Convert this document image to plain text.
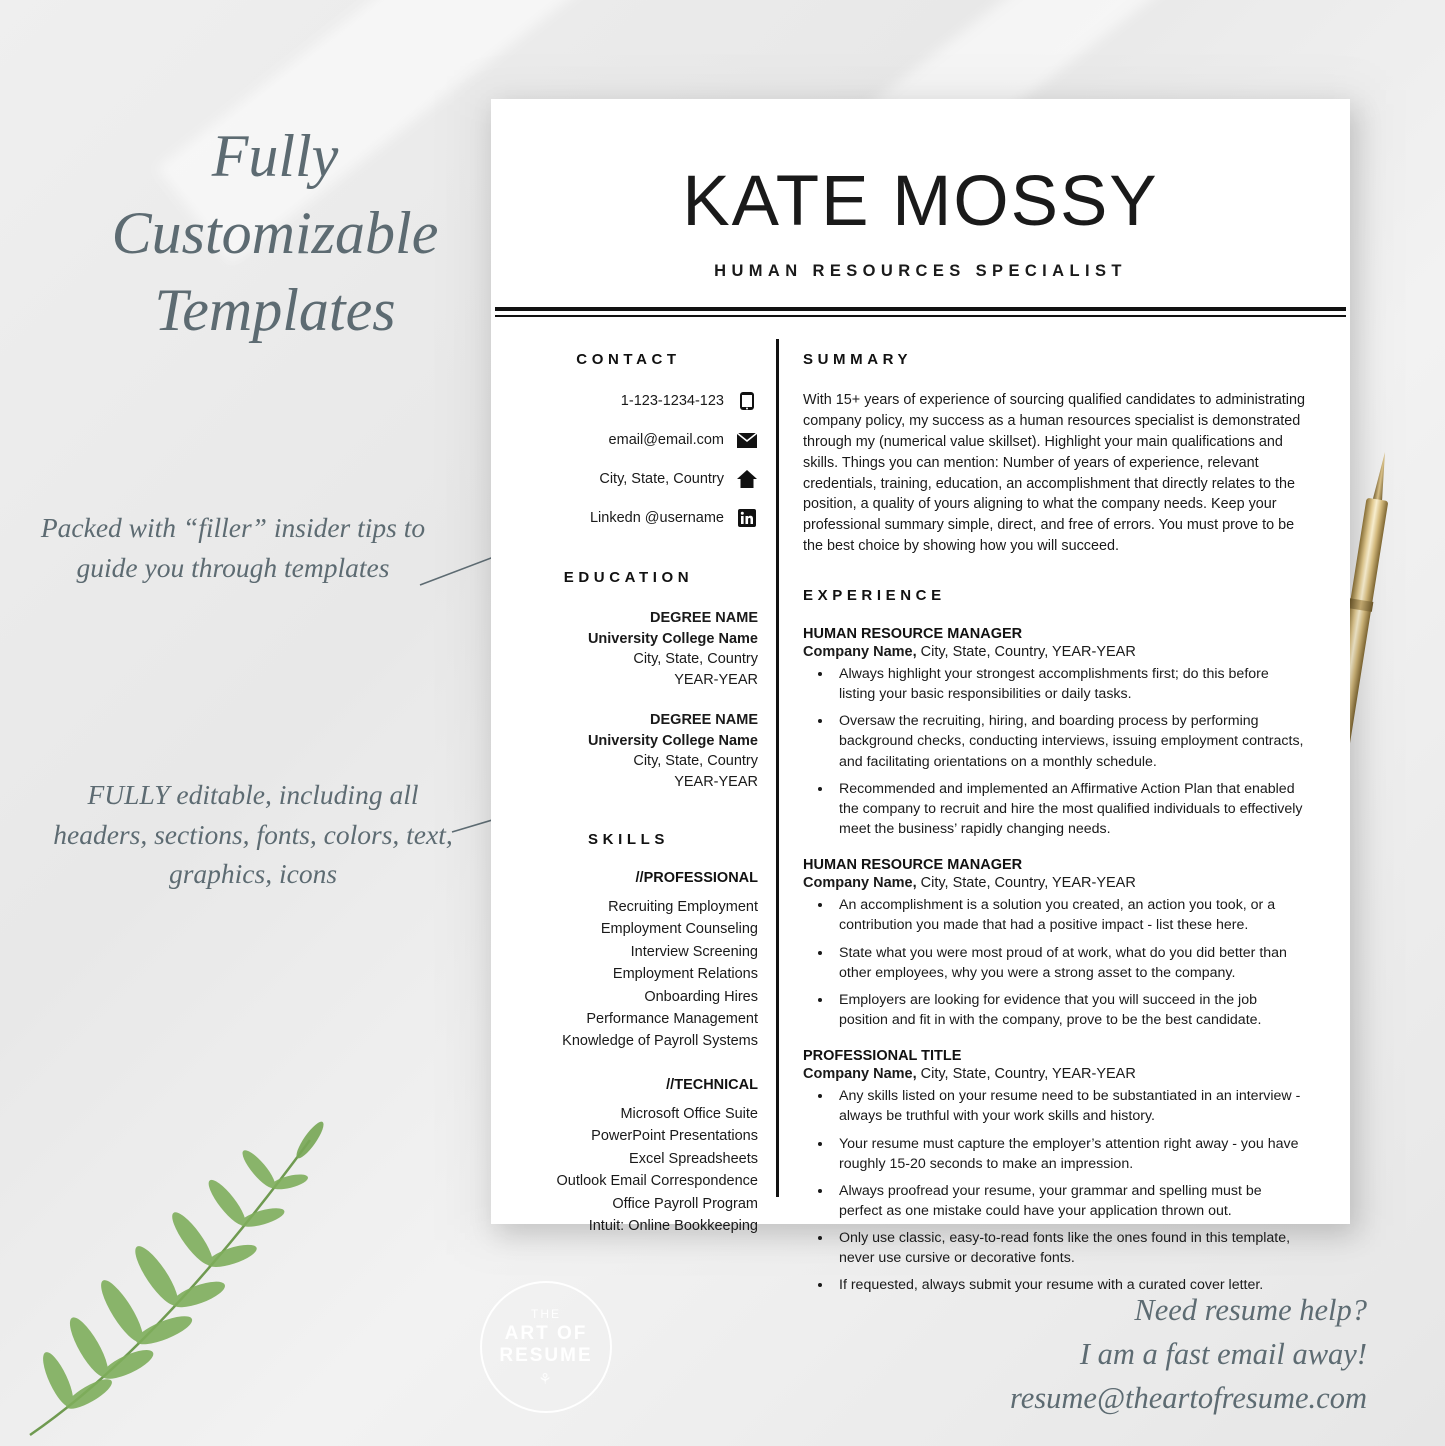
Fully
Customizable
Templates
Packed with “filler” insider tips to guide you through templates
FULLY editable, including all headers, sections, fonts, colors, text, graphics, icons
Need resume help?
I am a fast email away!
resume@theartofresume.com
THE
ART OF
RESUME
⚘
KATE MOSSY
HUMAN RESOURCES SPECIALIST
CONTACT
1-123-1234-123
email@email.com
City, State, Country
Linkedn @username
EDUCATION
DEGREE NAME
University College Name
City, State, Country
YEAR-YEAR
DEGREE NAME
University College Name
City, State, Country
YEAR-YEAR
SKILLS
//PROFESSIONAL
Recruiting Employment
Employment Counseling
Interview Screening
Employment Relations
Onboarding Hires
Performance Management
Knowledge of Payroll Systems
//TECHNICAL
Microsoft Office Suite
PowerPoint Presentations
Excel Spreadsheets
Outlook Email Correspondence
Office Payroll Program
Intuit: Online Bookkeeping
SUMMARY

With 15+ years of experience of sourcing qualified candidates to administrating company policy, my success as a human resources specialist is demonstrated through my (numerical value skillset). Highlight your main qualifications and skills. Things you can mention: Number of years of experience, relevant credentials, training, education, an accomplishment that directly relates to the position, a quality of yours aligning to what the company needs. Keep your professional summary simple, direct, and free of errors. You must prove to be the best choice by showing how you will succeed.

EXPERIENCE
HUMAN RESOURCE MANAGER
Company Name, City, State, Country, YEAR-YEAR
• Always highlight your strongest accomplishments first; do this before listing your basic responsibilities or daily tasks.
• Oversaw the recruiting, hiring, and boarding process by performing background checks, conducting interviews, issuing employment contracts, and facilitating orientations on a monthly schedule.
• Recommended and implemented an Affirmative Action Plan that enabled the company to recruit and hire the most qualified individuals to effectively meet the business’ rapidly changing needs.
HUMAN RESOURCE MANAGER
Company Name, City, State, Country, YEAR-YEAR
• An accomplishment is a solution you created, an action you took, or a contribution you made that had a positive impact - list these here.
• State what you were most proud of at work, what do you did better than other employees, why you were a strong asset to the company.
• Employers are looking for evidence that you will succeed in the job position and fit in with the company, prove to be the best candidate.
PROFESSIONAL TITLE
Company Name, City, State, Country, YEAR-YEAR
• Any skills listed on your resume need to be substantiated in an interview - always be truthful with your work skills and history.
• Your resume must capture the employer’s attention right away - you have roughly 15-20 seconds to make an impression.
• Always proofread your resume, your grammar and spelling must be perfect as one mistake could have your application thrown out.
• Only use classic, easy-to-read fonts like the ones found in this template, never use cursive or decorative fonts.
• If requested, always submit your resume with a curated cover letter.
